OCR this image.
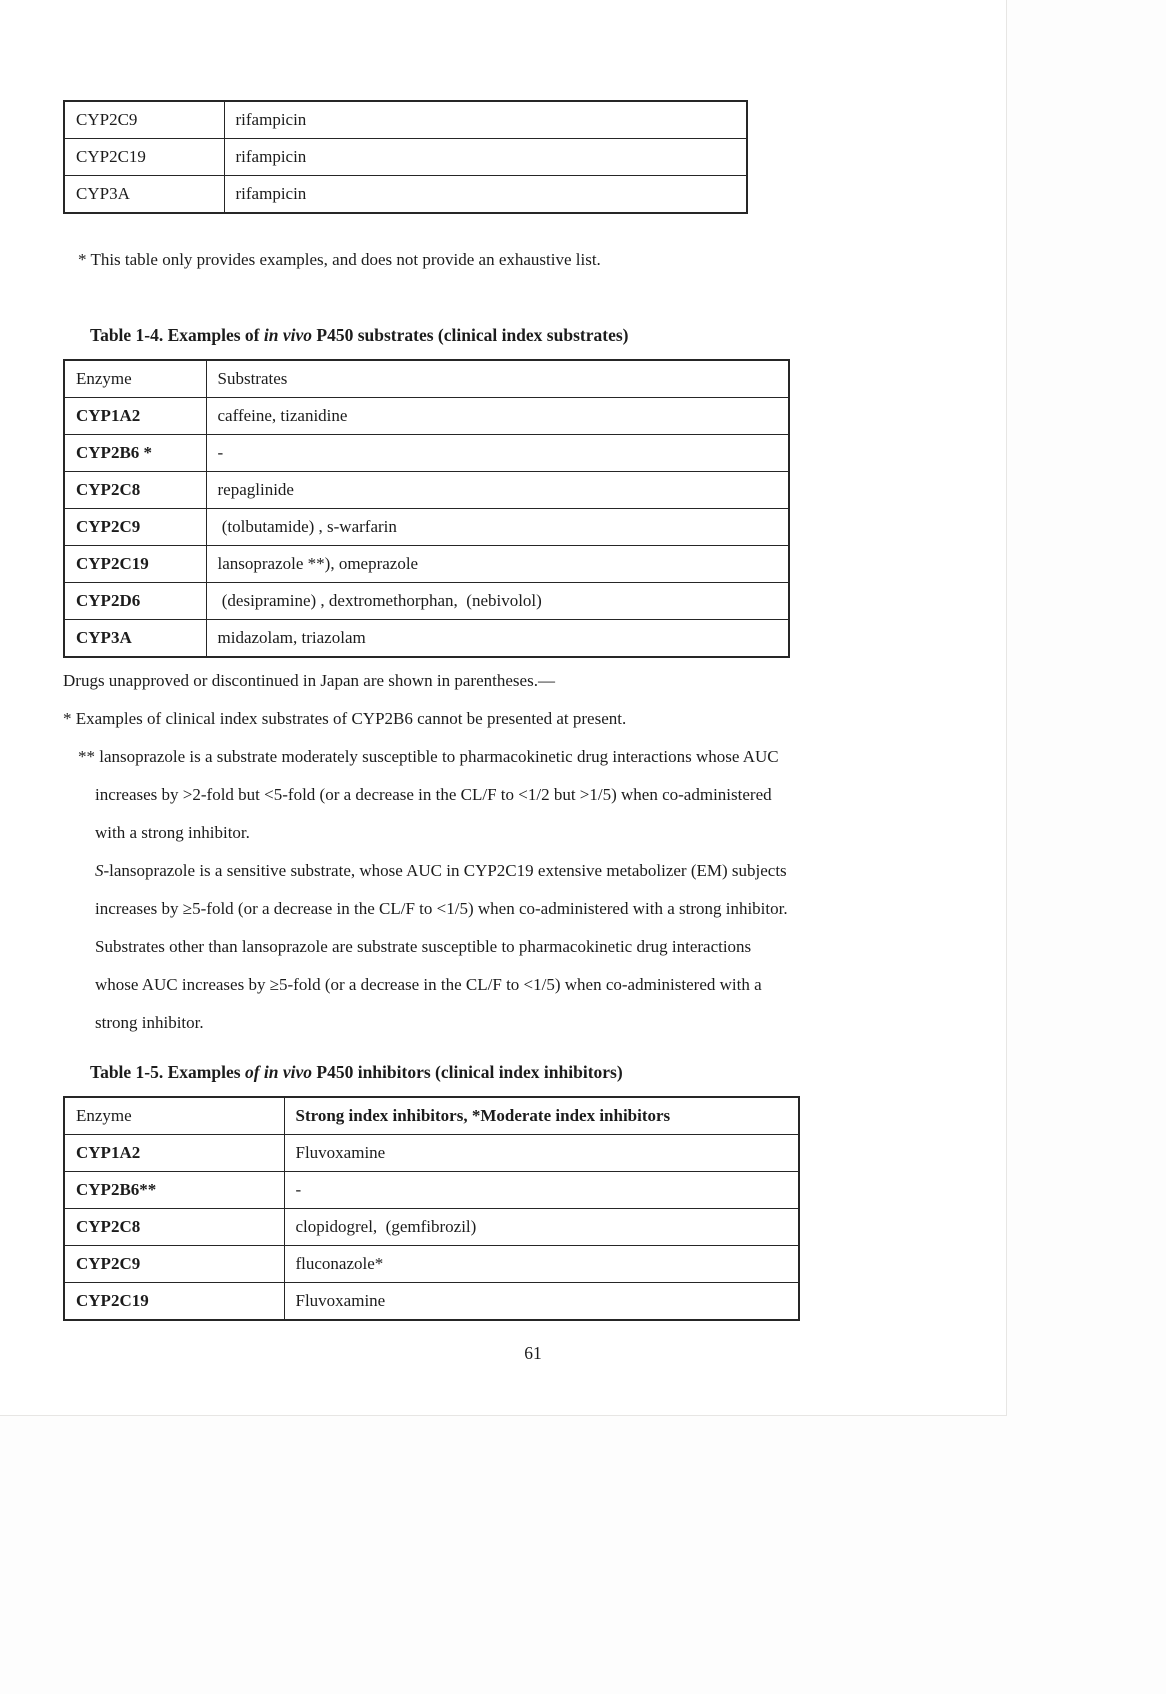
CYP2C9	rifampicin
CYP2C19	rifampicin
CYP3A	rifampicin

* This table only provides examples, and does not provide an exhaustive list.

Table 1-4. Examples of in vivo P450 substrates (clinical index substrates)
Enzyme	Substrates
CYP1A2	caffeine, tizanidine
CYP2B6 *	-
CYP2C8	repaglinide
CYP2C9	(tolbutamide) , s-warfarin
CYP2C19	lansoprazole **), omeprazole
CYP2D6	(desipramine) , dextromethorphan,  (nebivolol)
CYP3A	midazolam, triazolam

Drugs unapproved or discontinued in Japan are shown in parentheses.—

* Examples of clinical index substrates of CYP2B6 cannot be presented at present.

** lansoprazole is a substrate moderately susceptible to pharmacokinetic drug interactions whose AUC increases by >2-fold but <5-fold (or a decrease in the CL/F to <1/2 but >1/5) when co-administered with a strong inhibitor.

S-lansoprazole is a sensitive substrate, whose AUC in CYP2C19 extensive metabolizer (EM) subjects increases by ≥5-fold (or a decrease in the CL/F to <1/5) when co-administered with a strong inhibitor.

Substrates other than lansoprazole are substrate susceptible to pharmacokinetic drug interactions whose AUC increases by ≥5-fold (or a decrease in the CL/F to <1/5) when co-administered with a strong inhibitor.

Table 1-5. Examples of in vivo P450 inhibitors (clinical index inhibitors)
Enzyme	Strong index inhibitors, *Moderate index inhibitors
CYP1A2	Fluvoxamine
CYP2B6**	-
CYP2C8	clopidogrel,  (gemfibrozil)
CYP2C9	fluconazole*
CYP2C19	Fluvoxamine
61
